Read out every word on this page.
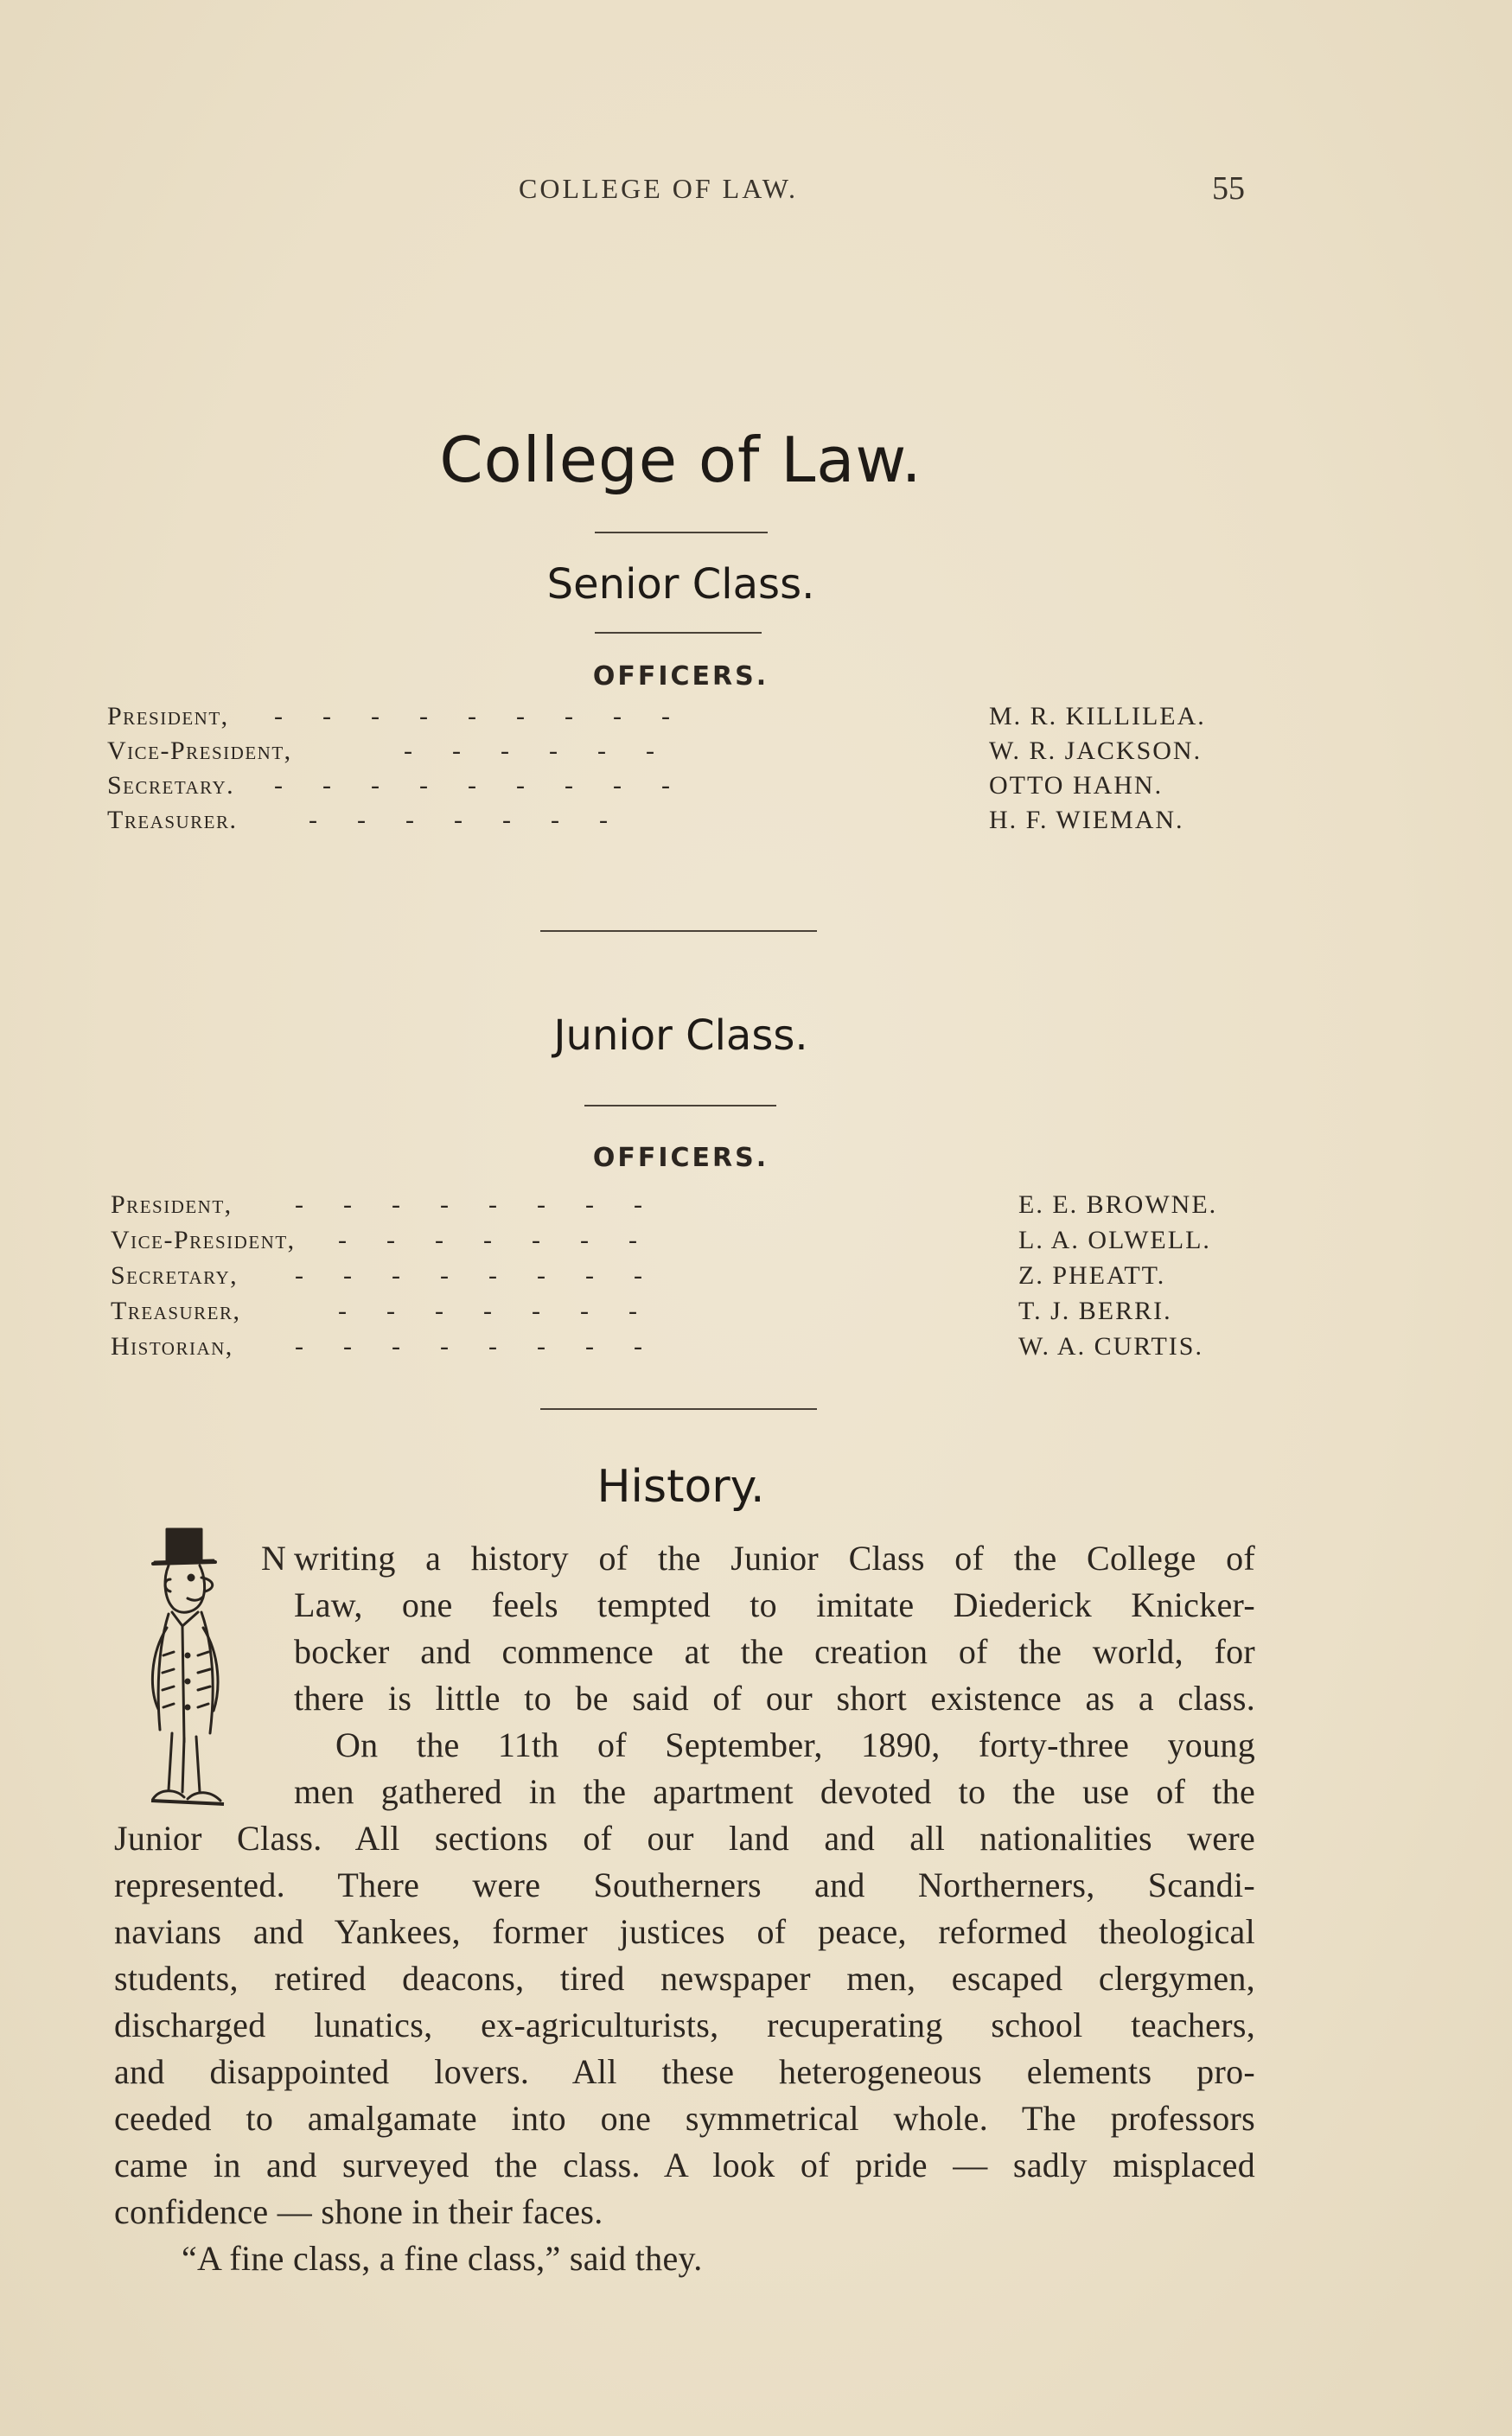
COLLEGE OF LAW.	55
College of Law.
Senior Class.
OFFICERS.
President,	- - - - - - - - -	M. R. KILLILEA.
Vice-President,	- - - - - -	W. R. JACKSON.
Secretary.	- - - - - - - - -	OTTO HAHN.
Treasurer.	- - - - - - -	H. F. WIEMAN.
Junior Class.
OFFICERS.
President,	- - - - - - - -	E. E. BROWNE.
Vice-President,	- - - - - - -	L. A. OLWELL.
Secretary,	- - - - - - - -	Z. PHEATT.
Treasurer,	- - - - - - -	T. J. BERRI.
Historian,	- - - - - - - -	W. A. CURTIS.
History.
N writing a history of the Junior Class of the College of
Law, one feels tempted to imitate Diederick Knicker-
bocker and commence at the creation of the world, for
there is little to be said of our short existence as a class.
On the 11th of September, 1890, forty-three young
men gathered in the apartment devoted to the use of the
Junior Class. All sections of our land and all nationalities were
represented. There were Southerners and Northerners, Scandi-
navians and Yankees, former justices of peace, reformed theological
students, retired deacons, tired newspaper men, escaped clergymen,
discharged lunatics, ex-agriculturists, recuperating school teachers,
and disappointed lovers. All these heterogeneous elements pro-
ceeded to amalgamate into one symmetrical whole. The professors
came in and surveyed the class. A look of pride — sadly misplaced
confidence — shone in their faces.
“A fine class, a fine class,” said they.
